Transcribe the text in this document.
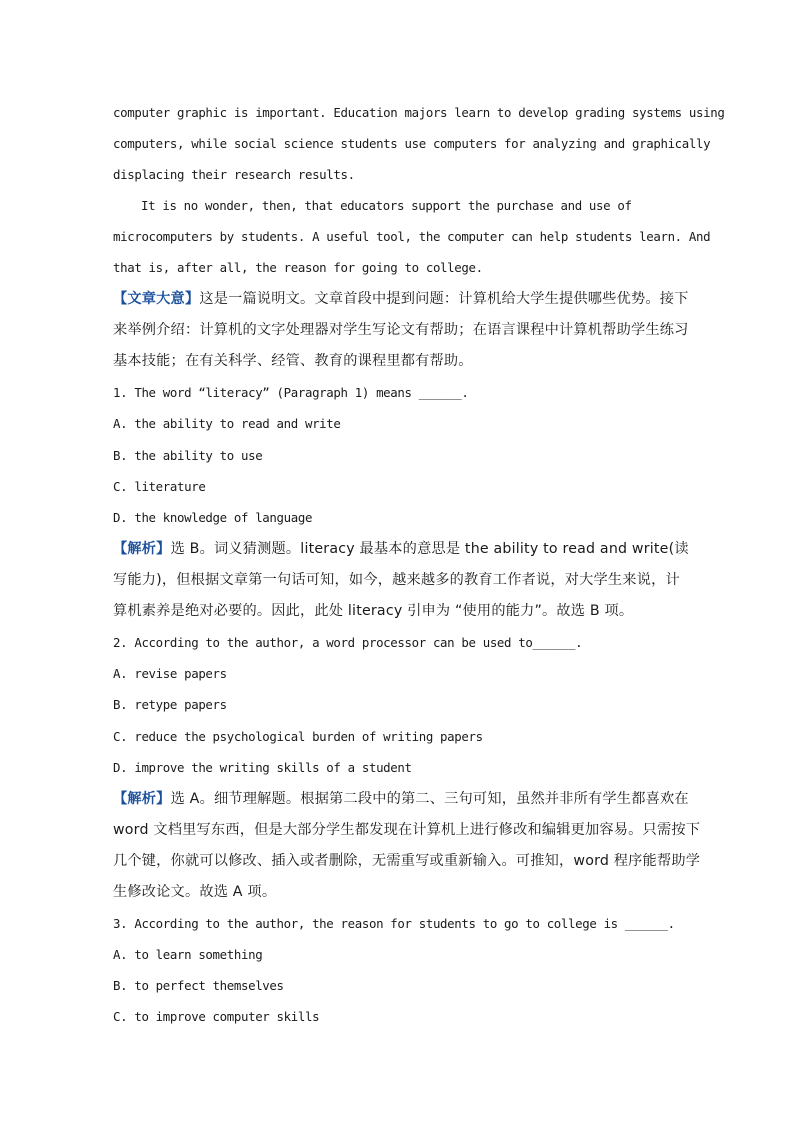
computer graphic is important. Education majors learn to develop grading systems using
computers, while social science students use computers for analyzing and graphically
displacing their research results.
It is no wonder, then, that educators support the purchase and use of
microcomputers by students. A useful tool, the computer can help students learn. And
that is, after all, the reason for going to college.
【文章大意】这是一篇说明文。文章首段中提到问题：计算机给大学生提供哪些优势。接下
来举例介绍：计算机的文字处理器对学生写论文有帮助；在语言课程中计算机帮助学生练习
基本技能；在有关科学、经管、教育的课程里都有帮助。
1. The word “literacy” (Paragraph 1) means ______.
A. the ability to read and write
B. the ability to use
C. literature
D. the knowledge of language
【解析】选 B。词义猜测题。literacy 最基本的意思是 the ability to read and write(读
写能力)，但根据文章第一句话可知，如今，越来越多的教育工作者说，对大学生来说，计
算机素养是绝对必要的。因此，此处 literacy 引申为 “使用的能力”。故选 B 项。
2. According to the author, a word processor can be used to______.
A. revise papers
B. retype papers
C. reduce the psychological burden of writing papers
D. improve the writing skills of a student
【解析】选 A。细节理解题。根据第二段中的第二、三句可知，虽然并非所有学生都喜欢在
word 文档里写东西，但是大部分学生都发现在计算机上进行修改和编辑更加容易。只需按下
几个键，你就可以修改、插入或者删除，无需重写或重新输入。可推知，word 程序能帮助学
生修改论文。故选 A 项。
3. According to the author, the reason for students to go to college is ______.
A. to learn something
B. to perfect themselves
C. to improve computer skills
